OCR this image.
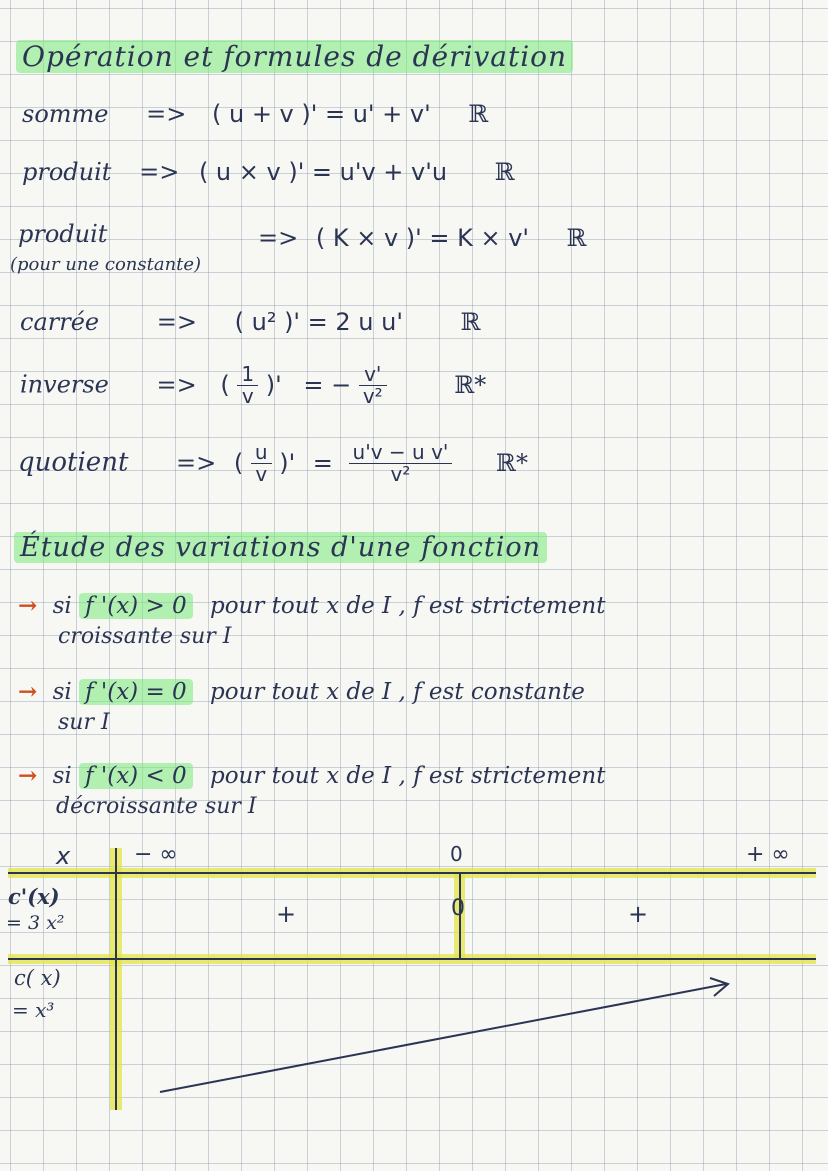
Opération et formules de dérivation
somme => ( u + v )' = u' + v' ℝ
produit => ( u × v )' = u'v + v'u ℝ
produit
(pour une constante)
=> ( K × v )' = K × v' ℝ
carrée => ( u² )' = 2 u u' ℝ
inverse => ( $\frac{1}{v}$ )' = − $\frac{v'}{\text{v²}}$	ℝ*
quotient => ( $\frac{u}{v}$ )' = $\frac{\text{u'v − u v'}}{\text{v²}}$ ℝ*
Étude des variations d'une fonction
→ si f '(x) > 0 pour tout x de I , f est strictement
croissante sur I
→ si f '(x) = 0 pour tout x de I , f est constante
sur I
→ si f '(x) < 0 pour tout x de I , f est strictement
décroissante sur I
x	− ∞	0	+ ∞
c'(x)
= 3 x²	+	0	+
c( x)
= x³
